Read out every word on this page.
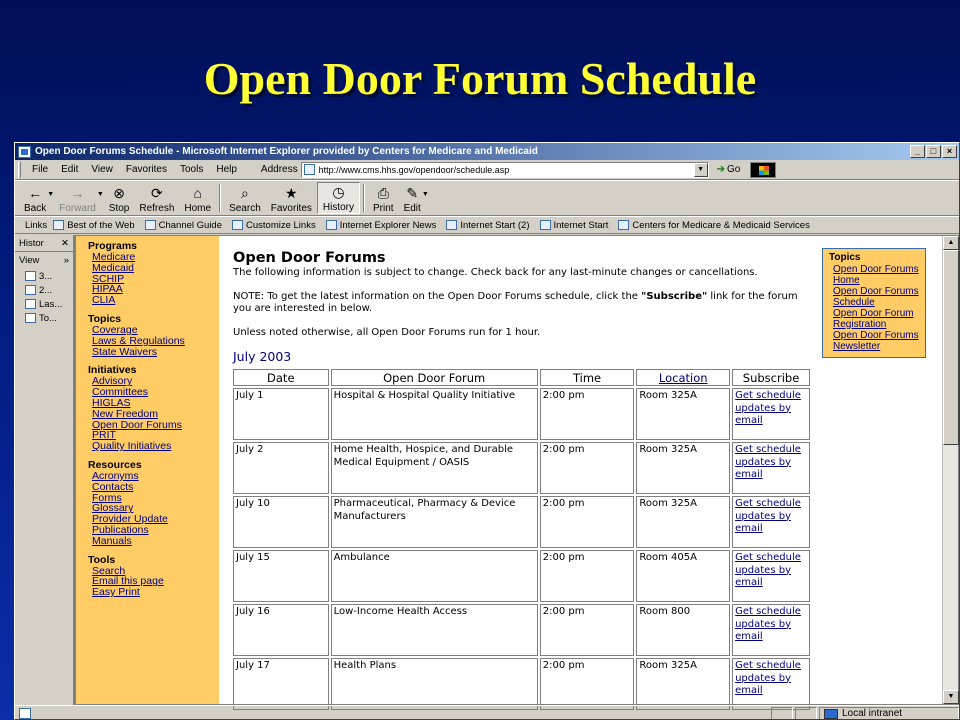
Open Door Forum Schedule
Open Door Forums Schedule - Microsoft Internet Explorer provided by Centers for Medicare and Medicaid	_	□	×
File	Edit	View	Favorites	Tools	Help	Address http://www.cms.hhs.gov/opendoor/schedule.asp	▼	➔ Go
←
Back
▼ →
Forward
▼ ⊗
Stop
⟳
Refresh
⌂
Home
⌕
Search
★
Favorites
◷
History
⎙
Print
✎
Edit
▼
Links Best of the Web	Channel Guide	Customize Links	Internet Explorer News	Internet Start (2)	Internet Start	Centers for Medicare & Medicaid Services
Histor ✕
View	»
3...
2...
Las...
To...
Programs
Medicare
Medicaid
SCHIP
HIPAA
CLIA
Topics
Coverage
Laws & Regulations
State Waivers
Initiatives
Advisory
Committees
HIGLAS
New Freedom
Open Door Forums
PRIT
Quality Initiatives
Resources
Acronyms
Contacts
Forms
Glossary
Provider Update
Publications
Manuals
Tools
Search
Email this page
Easy Print
Open Door Forums
The following information is subject to change. Check back for any last-minute changes or cancellations.
NOTE: To get the latest information on the Open Door Forums schedule, click the "Subscribe" link for the forum you are interested in below.
Unless noted otherwise, all Open Door Forums run for 1 hour.
July 2003
Date	Open Door Forum	Time	Location	Subscribe
July 1	Hospital & Hospital Quality Initiative	2:00 pm	Room 325A	Get schedule updates by email

July 2	Home Health, Hospice, and Durable Medical Equipment / OASIS	2:00 pm	Room 325A	Get schedule updates by email

July 10	Pharmaceutical, Pharmacy & Device Manufacturers	2:00 pm	Room 325A	Get schedule updates by email

July 15	Ambulance	2:00 pm	Room 405A	Get schedule updates by email

July 16	Low-Income Health Access	2:00 pm	Room 800	Get schedule updates by email

July 17	Health Plans	2:00 pm	Room 325A	Get schedule updates by email
Topics
Open Door Forums Home
Open Door Forums Schedule
Open Door Forum Registration
Open Door Forums Newsletter
▲
▼
Local intranet
